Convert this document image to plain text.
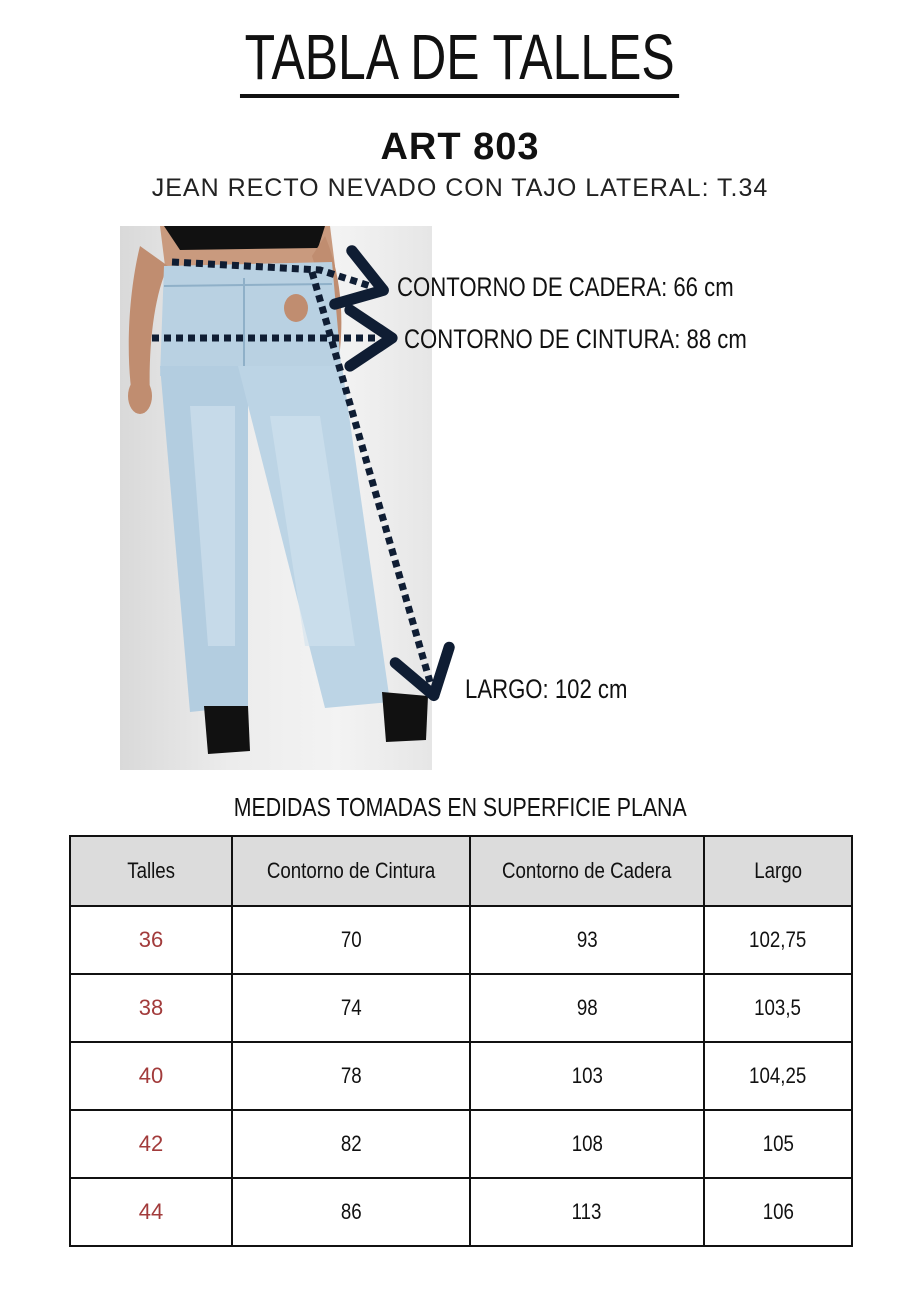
TABLA DE TALLES
ART 803
JEAN RECTO NEVADO CON TAJO LATERAL: T.34
CONTORNO DE CADERA: 66 cm
CONTORNO DE CINTURA: 88 cm
LARGO: 102 cm
MEDIDAS TOMADAS EN SUPERFICIE PLANA
Talles	Contorno de Cintura	Contorno de Cadera	Largo
36	70	93	102,75
38	74	98	103,5
40	78	103	104,25
42	82	108	105
44	86	113	106
